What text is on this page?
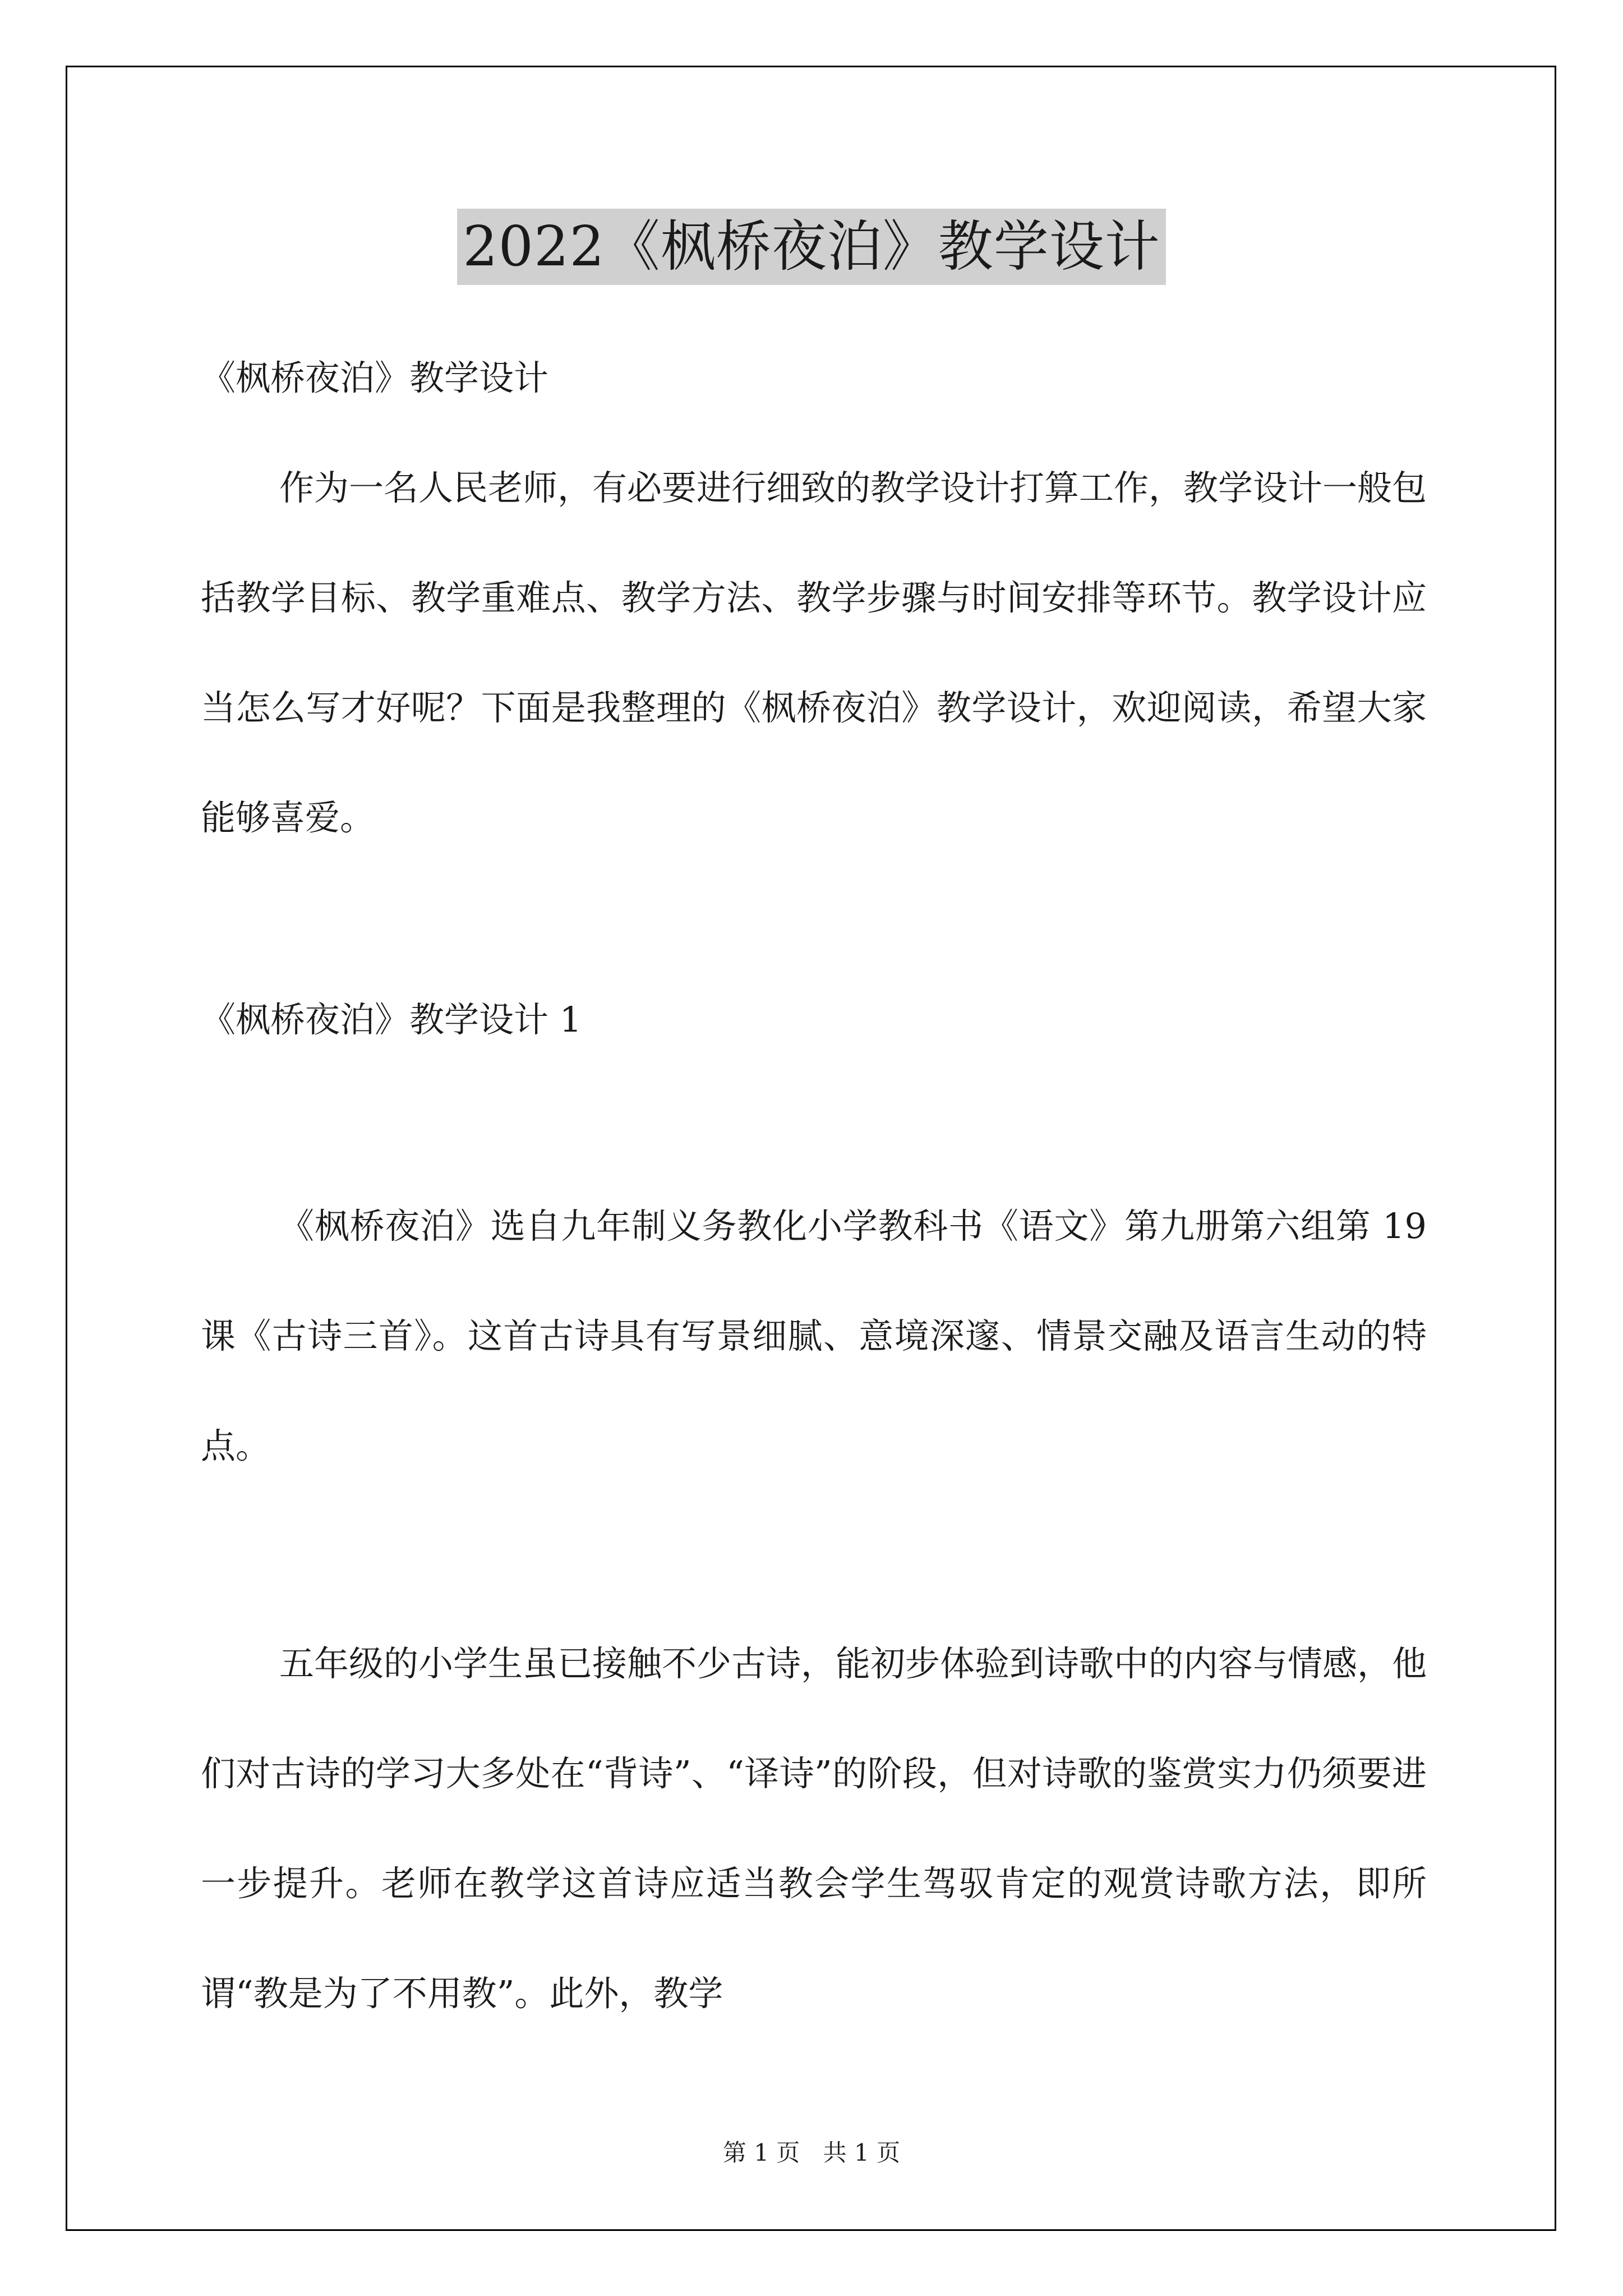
2022《枫桥夜泊》教学设计

《枫桥夜泊》教学设计

作为一名人民老师，有必要进行细致的教学设计打算工作，教学设计一般包括教学目标、教学重难点、教学方法、教学步骤与时间安排等环节。教学设计应当怎么写才好呢？下面是我整理的《枫桥夜泊》教学设计，欢迎阅读，希望大家能够喜爱。

《枫桥夜泊》教学设计 1

《枫桥夜泊》选自九年制义务教化小学教科书《语文》第九册第六组第 19 课《古诗三首》。这首古诗具有写景细腻、意境深邃、情景交融及语言生动的特点。

五年级的小学生虽已接触不少古诗，能初步体验到诗歌中的内容与情感，他们对古诗的学习大多处在“背诗”、“译诗”的阶段，但对诗歌的鉴赏实力仍须要进一步提升。老师在教学这首诗应适当教会学生驾驭肯定的观赏诗歌方法，即所谓“教是为了不用教”。此外，教学

第 1 页 共 1 页
